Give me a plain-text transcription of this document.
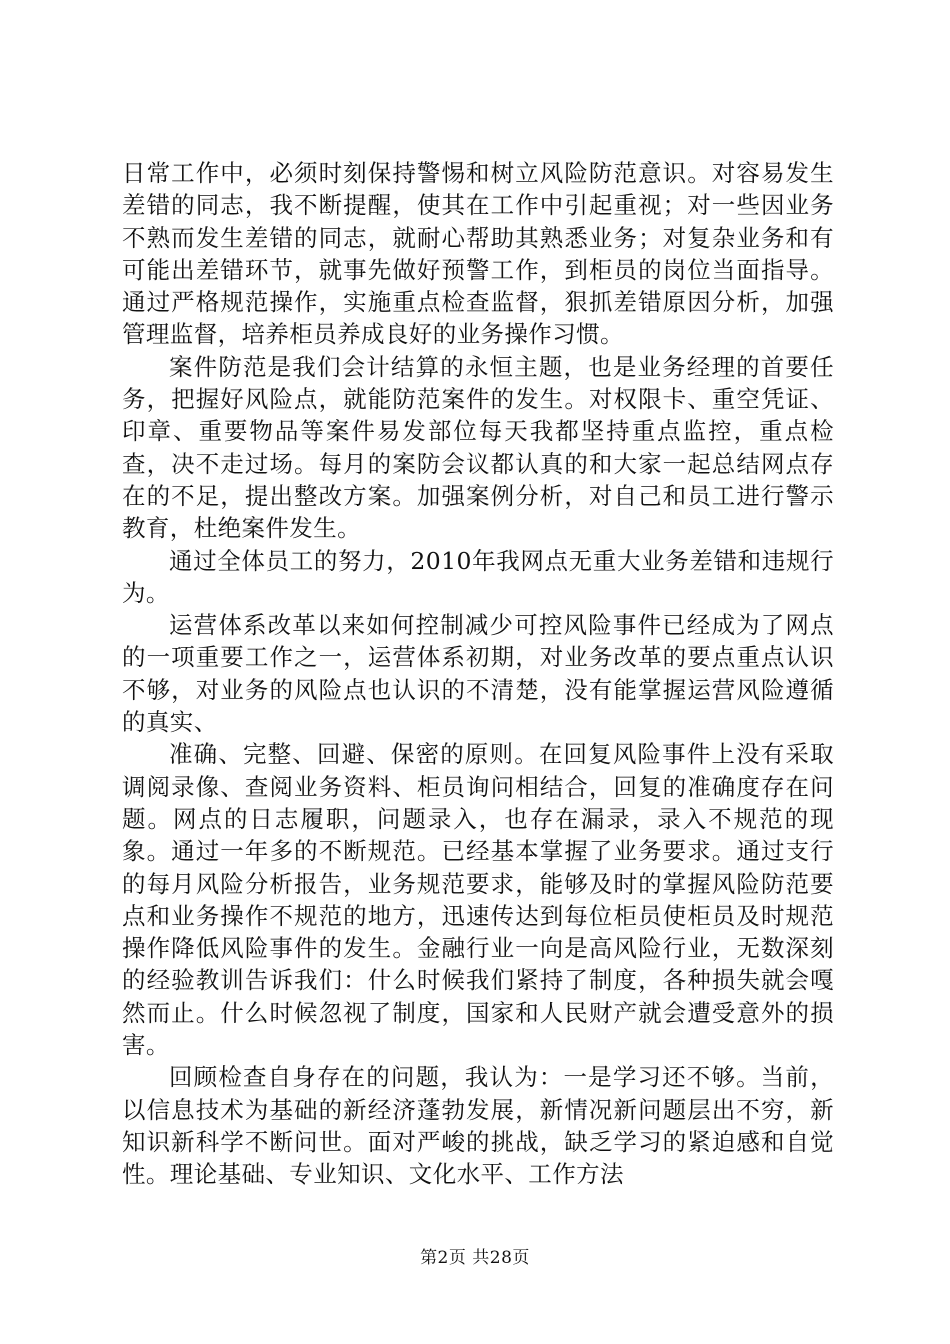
日常工作中，必须时刻保持警惕和树立风险防范意识。对容易发生差错的同志，我不断提醒，使其在工作中引起重视；对一些因业务不熟而发生差错的同志，就耐心帮助其熟悉业务；对复杂业务和有可能出差错环节，就事先做好预警工作，到柜员的岗位当面指导。通过严格规范操作，实施重点检查监督，狠抓差错原因分析，加强管理监督，培养柜员养成良好的业务操作习惯。

案件防范是我们会计结算的永恒主题，也是业务经理的首要任务，把握好风险点，就能防范案件的发生。对权限卡、重空凭证、印章、重要物品等案件易发部位每天我都坚持重点监控，重点检查，决不走过场。每月的案防会议都认真的和大家一起总结网点存在的不足，提出整改方案。加强案例分析，对自己和员工进行警示教育，杜绝案件发生。

通过全体员工的努力，2010年我网点无重大业务差错和违规行为。

运营体系改革以来如何控制减少可控风险事件已经成为了网点的一项重要工作之一，运营体系初期，对业务改革的要点重点认识不够，对业务的风险点也认识的不清楚，没有能掌握运营风险遵循的真实、

准确、完整、回避、保密的原则。在回复风险事件上没有采取调阅录像、查阅业务资料、柜员询问相结合，回复的准确度存在问题。网点的日志履职，问题录入，也存在漏录，录入不规范的现象。通过一年多的不断规范。已经基本掌握了业务要求。通过支行的每月风险分析报告，业务规范要求，能够及时的掌握风险防范要点和业务操作不规范的地方，迅速传达到每位柜员使柜员及时规范操作降低风险事件的发生。金融行业一向是高风险行业，无数深刻的经验教训告诉我们：什么时候我们紧持了制度，各种损失就会嘎然而止。什么时候忽视了制度，国家和人民财产就会遭受意外的损害。

回顾检查自身存在的问题，我认为：一是学习还不够。当前，以信息技术为基础的新经济蓬勃发展，新情况新问题层出不穷，新知识新科学不断问世。面对严峻的挑战，缺乏学习的紧迫感和自觉性。理论基础、专业知识、文化水平、工作方法

第2页 共28页
